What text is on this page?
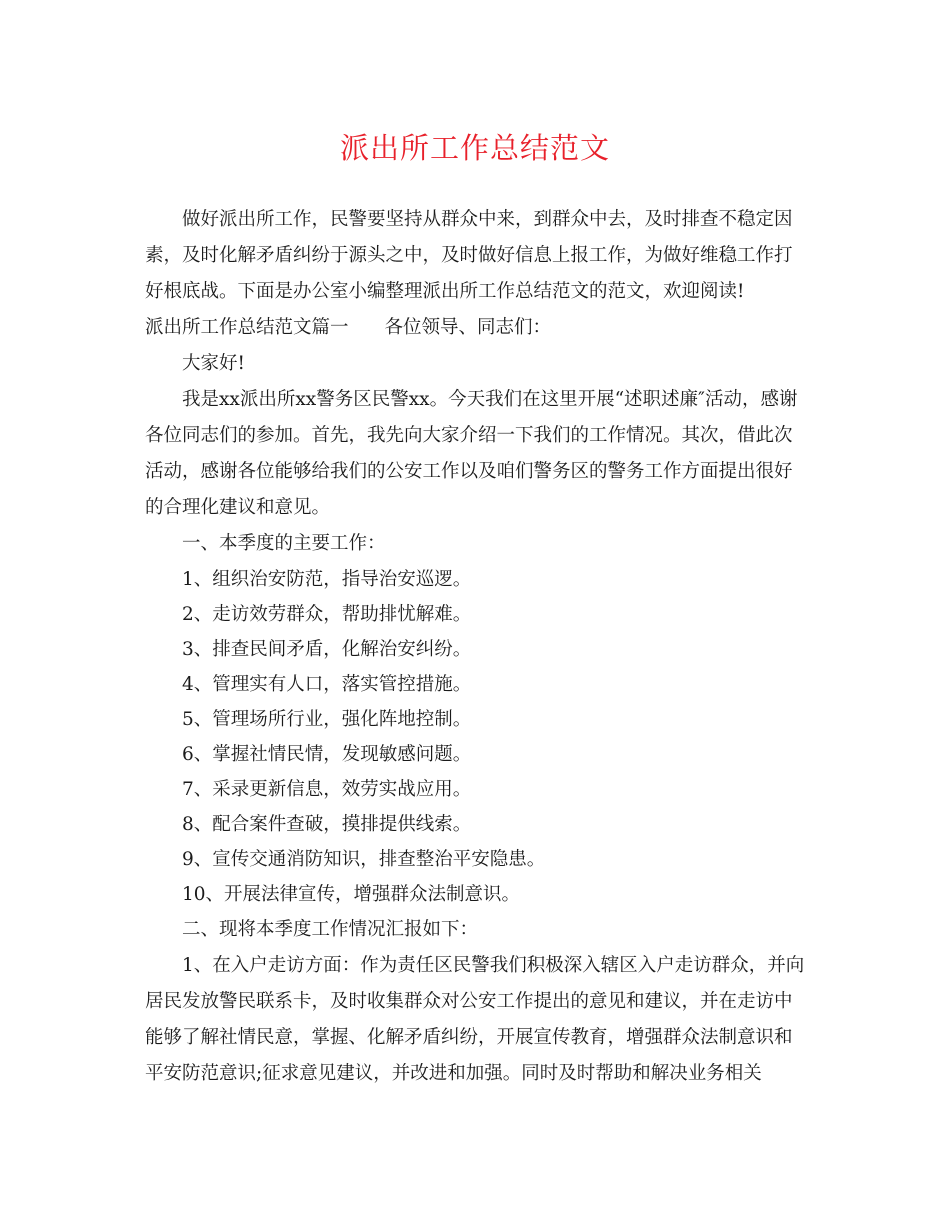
派出所工作总结范文

做好派出所工作，民警要坚持从群众中来，到群众中去，及时排查不稳定因素，及时化解矛盾纠纷于源头之中，及时做好信息上报工作，为做好维稳工作打好根底战。下面是办公室小编整理派出所工作总结范文的范文，欢迎阅读!

派出所工作总结范文篇一 各位领导、同志们：

大家好!

我是xx派出所xx警务区民警xx。今天我们在这里开展“述职述廉″活动，感谢各位同志们的参加。首先，我先向大家介绍一下我们的工作情况。其次，借此次活动，感谢各位能够给我们的公安工作以及咱们警务区的警务工作方面提出很好的合理化建议和意见。

一、本季度的主要工作：

1、组织治安防范，指导治安巡逻。

2、走访效劳群众，帮助排忧解难。

3、排查民间矛盾，化解治安纠纷。

4、管理实有人口，落实管控措施。

5、管理场所行业，强化阵地控制。

6、掌握社情民情，发现敏感问题。

7、采录更新信息，效劳实战应用。

8、配合案件查破，摸排提供线索。

9、宣传交通消防知识，排查整治平安隐患。

10、开展法律宣传，增强群众法制意识。

二、现将本季度工作情况汇报如下：

1、在入户走访方面：作为责任区民警我们积极深入辖区入户走访群众，并向居民发放警民联系卡，及时收集群众对公安工作提出的意见和建议，并在走访中能够了解社情民意，掌握、化解矛盾纠纷，开展宣传教育，增强群众法制意识和平安防范意识;征求意见建议，并改进和加强。同时及时帮助和解决业务相关
